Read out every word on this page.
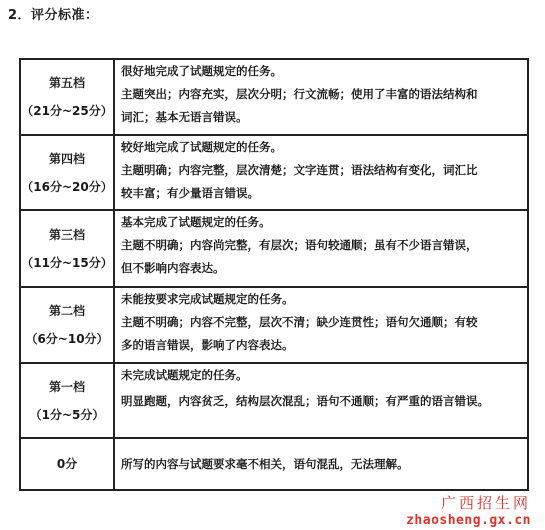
2．评分标准：
第五档
（21分~25分）	很好地完成了试题规定的任务。
主题突出；内容充实，层次分明；行文流畅；使用了丰富的语法结构和
词汇；基本无语言错误。

第四档
（16分~20分）	较好地完成了试题规定的任务。
主题明确；内容完整，层次清楚；文字连贯；语法结构有变化，词汇比
较丰富；有少量语言错误。

第三档
（11分~15分）	基本完成了试题规定的任务。
主题不明确；内容尚完整，有层次；语句较通顺；虽有不少语言错误，
但不影响内容表达。

第二档
（6分~10分）	未能按要求完成试题规定的任务。
主题不明确；内容不完整，层次不清；缺少连贯性；语句欠通顺；有较
多的语言错误，影响了内容表达。

第一档
（1分~5分）	未完成试题规定的任务。
明显跑题，内容贫乏，结构层次混乱；语句不通顺；有严重的语言错误。

0分	所写的内容与试题要求毫不相关，语句混乱，无法理解。
广西招生网
zhaosheng.gx.cn
